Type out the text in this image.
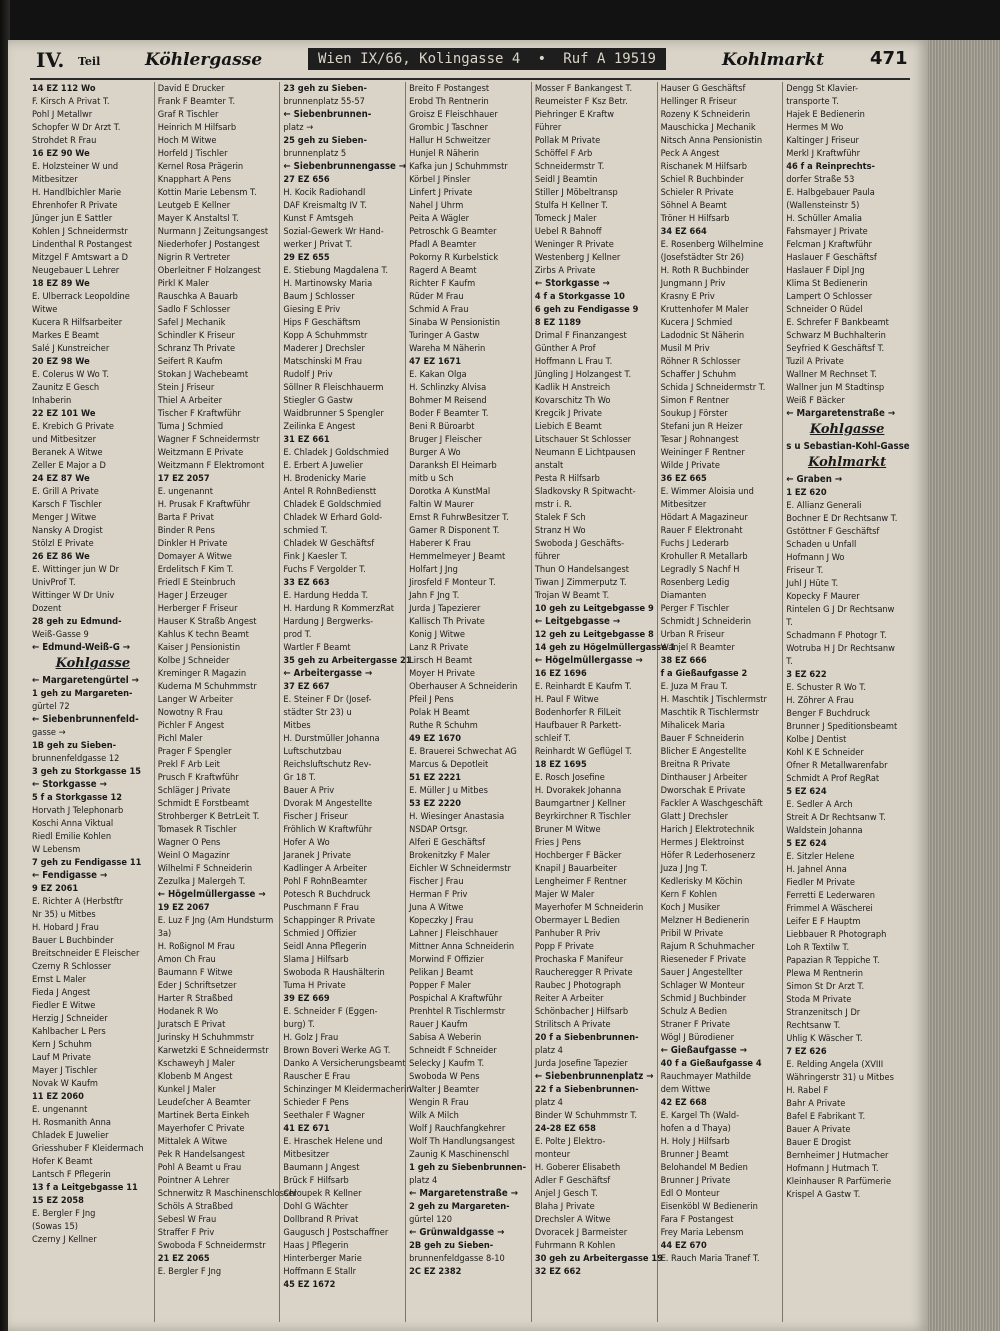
IV. Teil	Köhlergasse	Wien IX/66, Kolingasse 4 • Ruf A 19519	Kohlmarkt	471
14 EZ 112 Wo
F. Kirsch A Privat T.
Pohl J Metallwr
Schopfer W Dr Arzt T.
Strohdet R Frau
16 EZ 90 We
E. Holzsteiner W und
Mitbesitzer
H. Handlbichler Marie
Ehrenhofer R Private
Jünger jun E Sattler
Kohlen J Schneidermstr
Lindenthal R Postangest
Mitzgel F Amtswart a D
Neugebauer L Lehrer
18 EZ 89 We
E. Ulberrack Leopoldine
Witwe
Kucera R Hilfsarbeiter
Markes E Beamt
Salé J Kunstreicher
20 EZ 98 We
E. Colerus W Wo T.
Zaunitz E Gesch
Inhaberin
22 EZ 101 We
E. Krebich G Private
und Mitbesitzer
Beranek A Witwe
Zeller E Major a D
24 EZ 87 We
E. Grill A Private
Karsch F Tischler
Menger J Witwe
Nansky A Drogist
Stölzl E Private
26 EZ 86 We
E. Wittinger jun W Dr
UnivProf T.
Wittinger W Dr Univ
Dozent
28 geh zu Edmund-
Weiß-Gasse 9
← Edmund-Weiß-G →
Kohlgasse
← Margaretengürtel →
1 geh zu Margareten-
gürtel 72
← Siebenbrunnenfeld-
gasse →
1B geh zu Sieben-
brunnenfeldgasse 12
3 geh zu Storkgasse 15
← Storkgasse →
5 f a Storkgasse 12
Horvath J Telephonarb
Koschi Anna Viktual
Riedl Emilie Kohlen
W Lebensm
7 geh zu Fendigasse 11
← Fendigasse →
9 EZ 2061
E. Richter A (Herbstftr
Nr 35) u Mitbes
H. Hobard J Frau
Bauer L Buchbinder
Breitschneider E Fleischer
Czerny R Schlosser
Ernst L Maler
Fieda J Angest
Fiedler E Witwe
Herzig J Schneider
Kahlbacher L Pers
Kern J Schuhm
Lauf M Private
Mayer J Tischler
Novak W Kaufm
11 EZ 2060
E. ungenannt
H. Rosmanith Anna
Chladek E Juwelier
Griesshuber F Kleidermach
Hofer K Beamt
Lantsch F Pflegerin
13 f a Leitgebgasse 11
15 EZ 2058
E. Bergler F Jng
(Sowas 15)
Czerny J Kellner
David E Drucker
Frank F Beamter T.
Graf R Tischler
Heinrich M Hilfsarb
Hoch M Witwe
Horfeld J Tischler
Kernel Rosa Prägerin
Knapphart A Pens
Kottin Marie Lebensm T.
Leutgeb E Kellner
Mayer K Anstaltsl T.
Nurmann J Zeitungsangest
Niederhofer J Postangest
Nigrin R Vertreter
Oberleitner F Holzangest
Pirkl K Maler
Rauschka A Bauarb
Sadlo F Schlosser
Safel J Mechanik
Schindler K Friseur
Schranz Th Private
Seifert R Kaufm
Stokan J Wachebeamt
Stein J Friseur
Thiel A Arbeiter
Tischer F Kraftwführ
Tuma J Schmied
Wagner F Schneidermstr
Weitzmann E Private
Weitzmann F Elektromont
17 EZ 2057
E. ungenannt
H. Prusak F Kraftwführ
Barta F Privat
Binder R Pens
Dinkler H Private
Domayer A Witwe
Erdelitsch F Kim T.
Friedl E Steinbruch
Hager J Erzeuger
Herberger F Friseur
Hauser K Straßb Angest
Kahlus K techn Beamt
Kaiser J Pensionistin
Kolbe J Schneider
Kreminger R Magazin
Kuderna M Schuhmmstr
Langer W Arbeiter
Nowotny R Frau
Pichler F Angest
Pichl Maler
Prager F Spengler
Prekl F Arb Leit
Prusch F Kraftwführ
Schläger J Private
Schmidt E Forstbeamt
Strohberger K BetrLeit T.
Tomasek R Tischler
Wagner O Pens
Weinl O Magazinr
Wilhelmi F Schneiderin
Zezulka J Malergeh T.
← Högelmüllergasse →
19 EZ 2067
E. Luz F Jng (Am Hundsturm
3a)
H. Roßignol M Frau
Amon Ch Frau
Baumann F Witwe
Eder J Schriftsetzer
Harter R Straßbed
Hodanek R Wo
Juratsch E Privat
Jurinsky H Schuhmmstr
Karwetzki E Schneidermstr
Kschaweyh J Maler
Klobenb M Angest
Kunkel J Maler
Leudeſcher A Beamter
Martinek Berta Einkeh
Mayerhofer C Private
Mittalek A Witwe
Pek R Handelsangest
Pohl A Beamt u Frau
Pointner A Lehrer
Schnerwitz R Maschinenschlosser
Schöls A Straßbed
Sebesl W Frau
Straffer F Priv
Swoboda F Schneidermstr
21 EZ 2065
E. Bergler F Jng
23 geh zu Sieben-
brunnenplatz 55-57
← Siebenbrunnen-
platz →
25 geh zu Sieben-
brunnenplatz 5
← Siebenbrunnengasse →
27 EZ 656
H. Kocik Radiohandl
DAF Kreismaltg IV T.
Kunst F Amtsgeh
Sozial-Gewerk Wr Hand-
werker J Privat T.
29 EZ 655
E. Stiebung Magdalena T.
H. Martinowsky Maria
Baum J Schlosser
Giesing E Priv
Hips F Geschäftsm
Kopp A Schuhmmstr
Maderer J Drechsler
Matschinski M Frau
Rudolf J Priv
Söllner R Fleischhauerm
Stiegler G Gastw
Waidbrunner S Spengler
Zeilinka E Angest
31 EZ 661
E. Chladek J Goldschmied
E. Erbert A Juwelier
H. Brodenicky Marie
Antel R RohnBedienstt
Chladek E Goldschmied
Chladek W Erhard Gold-
schmied T.
Chladek W Geschäftsf
Fink J Kaesler T.
Fuchs F Vergolder T.
33 EZ 663
E. Hardung Hedda T.
H. Hardung R KommerzRat
Hardung J Bergwerks-
prod T.
Wartler F Beamt
35 geh zu Arbeitergasse 21
← Arbeitergasse →
37 EZ 667
E. Steiner F Dr (Josef-
städter Str 23) u
Mitbes
H. Durstmüller Johanna
Luftschutzbau
Reichsluftschutz Rev-
Gr 18 T.
Bauer A Priv
Dvorak M Angestellte
Fischer J Friseur
Fröhlich W Kraftwführ
Hofer A Wo
Jaranek J Private
Kadlinger A Arbeiter
Pohl F RohnBeamter
Potesch R Buchdruck
Puschmann F Frau
Schappinger R Private
Schmied J Offizier
Seidl Anna Pflegerin
Slama J Hilfsarb
Swoboda R Haushälterin
Tuma H Private
39 EZ 669
E. Schneider F (Eggen-
burg) T.
H. Golz J Frau
Brown Boveri Werke AG T.
Danko A Versicherungsbeamt
Rauscher E Frau
Schinzinger M Kleidermacherin
Schieder F Pens
Seethaler F Wagner
41 EZ 671
E. Hraschek Helene und
Mitbesitzer
Baumann J Angest
Brück F Hilfsarb
Chloupek R Kellner
Dohl G Wächter
Dollbrand R Privat
Gaugusch J Postschaffner
Haas J Pflegerin
Hinterberger Marie
Hoffmann E Stallr
45 EZ 1672
Breito F Postangest
Erobd Th Rentnerin
Groisz E Fleischhauer
Grombic J Taschner
Hallur H Schweitzer
Hunjel R Näherin
Kafka jun J Schuhmmstr
Körbel J Pinsler
Linfert J Private
Nahel J Uhrm
Peita A Wägler
Petroschk G Beamter
Pfadl A Beamter
Pokorny R Kurbelstick
Ragerd A Beamt
Richter F Kaufm
Rüder M Frau
Schmid A Frau
Sinaba W Pensionistin
Turinger A Gastw
Wareha M Näherin
47 EZ 1671
E. Kakan Olga
H. Schlinzky Alvisa
Bohmer M Reisend
Boder F Beamter T.
Beni R Büroarbt
Bruger J Fleischer
Burger A Wo
Daranksh El Heimarb
mitb u Sch
Dorotka A KunstMal
Faltin W Maurer
Ernst R FuhrwBesitzer T.
Gamer R Disponent T.
Haberer K Frau
Hemmelmeyer J Beamt
Holfart J Jng
Jirosfeld F Monteur T.
Jahn F Jng T.
Jurda J Tapezierer
Kallisch Th Private
Konig J Witwe
Lanz R Private
Lirsch H Beamt
Moyer H Private
Oberhauser A Schneiderin
Pfeil J Pens
Polak H Beamt
Ruthe R Schuhm
49 EZ 1670
E. Brauerei Schwechat AG
Marcus & Depotleit
51 EZ 2221
E. Müller J u Mitbes
53 EZ 2220
H. Wiesinger Anastasia
NSDAP Ortsgr.
Alferi E Geschäftsf
Brokenitzky F Maler
Eichler W Schneidermstr
Fischer J Frau
Herman F Priv
Juna A Witwe
Kopeczky J Frau
Lahner J Fleischhauer
Mittner Anna Schneiderin
Morwind F Offizier
Pelikan J Beamt
Popper F Maler
Pospichal A Kraftwführ
Prenhtel R Tischlermstr
Rauer J Kaufm
Sabisa A Weberin
Schneidt F Schneider
Selecky J Kaufm T.
Swoboda W Pens
Walter J Beamter
Wengin R Frau
Wilk A Milch
Wolf J Rauchfangkehrer
Wolf Th Handlungsangest
Zaunig K Maschinenschl
1 geh zu Siebenbrunnen-
platz 4
← Margaretenstraße →
2 geh zu Margareten-
gürtel 120
← Grünwaldgasse →
2B geh zu Sieben-
brunnenfeldgasse 8-10
2C EZ 2382
Mosser F Bankangest T.
Reumeister F Ksz Betr.
Piehringer E Kraftw
Führer
Pollak M Private
Schöffel F Arb
Schneidermstr T.
Seidl J Beamtin
Stiller J Möbeltransp
Stulfa H Kellner T.
Tomeck J Maler
Uebel R Bahnoff
Weninger R Private
Westenberg J Kellner
Zirbs A Private
← Storkgasse →
4 f a Storkgasse 10
6 geh zu Fendigasse 9
8 EZ 1189
Drimal F Finanzangest
Günther A Prof
Hoffmann L Frau T.
Jüngling J Holzangest T.
Kadlik H Anstreich
Kovarschitz Th Wo
Kregcik J Private
Liebich E Beamt
Litschauer St Schlosser
Neumann E Lichtpausen
anstalt
Pesta R Hilfsarb
Sladkovsky R Spitwacht-
mstr i. R.
Stalek F Sch
Stranz H Wo
Swoboda J Geschäfts-
führer
Thun O Handelsangest
Tiwan J Zimmerputz T.
Trojan W Beamt T.
10 geh zu Leitgebgasse 9
← Leitgebgasse →
12 geh zu Leitgebgasse 8
14 geh zu Högelmüllergasse 1
← Högelmüllergasse →
16 EZ 1696
E. Reinhardt E Kaufm T.
H. Paul F Witwe
Bodenhorfer R FilLeit
Haufbauer R Parkett-
schleif T.
Reinhardt W Geflügel T.
18 EZ 1695
E. Rosch Josefine
H. Dvorakek Johanna
Baumgartner J Kellner
Beyrkirchner R Tischler
Bruner M Witwe
Fries J Pens
Hochberger F Bäcker
Knapil J Bauarbeiter
Lengheimer F Rentner
Majer W Maler
Mayerhofer M Schneiderin
Obermayer L Bedien
Panhuber R Priv
Popp F Private
Prochaska F Manifeur
Raucheregger R Private
Raubec J Photograph
Reiter A Arbeiter
Schönbacher J Hilfsarb
Strilitsch A Private
20 f a Siebenbrunnen-
platz 4
Jurda Josefine Tapezier
← Siebenbrunnenplatz →
22 f a Siebenbrunnen-
platz 4
Binder W Schuhmmstr T.
24-28 EZ 658
E. Polte J Elektro-
monteur
H. Goberer Elisabeth
Adler F Geschäftsf
Anjel J Gesch T.
Blaha J Private
Drechsler A Witwe
Dvoracek J Barmeister
Fuhrmann R Kohlen
30 geh zu Arbeitergasse 19
32 EZ 662
Hauser G Geschäftsf
Hellinger R Friseur
Rozeny K Schneiderin
Mauschicka J Mechanik
Nitsch Anna Pensionistin
Peck A Angest
Rischanek M Hilfsarb
Schiel R Buchbinder
Schieler R Private
Söhnel A Beamt
Tröner H Hilfsarb
34 EZ 664
E. Rosenberg Wilhelmine
(Josefstädter Str 26)
H. Roth R Buchbinder
Jungmann J Priv
Krasny E Priv
Kruttenhofer M Maler
Kucera J Schmied
Ladodnic St Näherin
Musil M Priv
Röhner R Schlosser
Schaffer J Schuhm
Schida J Schneidermstr T.
Simon F Rentner
Soukup J Förster
Stefani jun R Heizer
Tesar J Rohnangest
Weininger F Rentner
Wilde J Private
36 EZ 665
E. Wimmer Aloisia und
Mitbesitzer
Hödart A Magazineur
Rauer F Elektronaht
Fuchs J Lederarb
Krohuller R Metallarb
Legradly S Nachf H
Rosenberg Ledig
Diamanten
Perger F Tischler
Schmidt J Schneiderin
Urban R Friseur
Wanjel R Beamter
38 EZ 666
f a Gießaufgasse 2
E. Juza M Frau T.
H. Maschtik J Tischlermstr
Maschtik R Tischlermstr
Mihalicek Maria
Bauer F Schneiderin
Blicher E Angestellte
Breitna R Private
Dinthauser J Arbeiter
Dworschak E Private
Fackler A Waschgeschäft
Glatt J Drechsler
Harich J Elektrotechnik
Hermes J Elektroinst
Höfer R Lederhosenerz
Juza J Jng T.
Kedlerisky M Köchin
Kern F Kohlen
Koch J Musiker
Melzner H Bedienerin
Pribil W Private
Rajum R Schuhmacher
Rieseneder F Private
Sauer J Angestellter
Schlager W Monteur
Schmid J Buchbinder
Schulz A Bedien
Straner F Private
Wögl J Bürodiener
← Gießaufgasse →
40 f a Gießaufgasse 4
Rauchmayer Mathilde
dem Wittwe
42 EZ 668
E. Kargel Th (Wald-
hofen a d Thaya)
H. Holy J Hilfsarb
Brunner J Beamt
Belohandel M Bedien
Brunner J Private
Edl O Monteur
Eisenköbl W Bedienerin
Fara F Postangest
Frey Maria Lebensm
44 EZ 670
E. Rauch Maria Tranef T.
Dengg St Klavier-
transporte T.
Hajek E Bedienerin
Hermes M Wo
Kaltinger J Friseur
Merkl J Kraftwführ
46 f a Reinprechts-
dorfer Straße 53
E. Halbgebauer Paula
(Wallensteinstr 5)
H. Schüller Amalia
Fahsmayer J Private
Felcman J Kraftwführ
Haslauer F Geschäftsf
Haslauer F Dipl Jng
Klima St Bedienerin
Lampert O Schlosser
Schneider O Rüdel
E. Schrefer F Bankbeamt
Schwarz M Buchhalterin
Seyfried K Geschäftsf T.
Tuzil A Private
Wallner M Rechnset T.
Wallner jun M Stadtinsp
Weiß F Bäcker
← Margaretenstraße →
Kohlgasse
s u Sebastian-Kohl-Gasse
Kohlmarkt
← Graben →
1 EZ 620
E. Allianz Generali
Bochner E Dr Rechtsanw T.
Gstöttner F Geschäftsf
Schaden u Unfall
Hofmann J Wo
Friseur T.
Juhl J Hüte T.
Kopecky F Maurer
Rintelen G J Dr Rechtsanw
T.
Schadmann F Photogr T.
Wotruba H J Dr Rechtsanw
T.
3 EZ 622
E. Schuster R Wo T.
H. Zöhrer A Frau
Benger F Buchdruck
Brunner J Speditionsbeamt
Kolbe J Dentist
Kohl K E Schneider
Ofner R Metallwarenfabr
Schmidt A Prof RegRat
5 EZ 624
E. Sedler A Arch
Streit A Dr Rechtsanw T.
Waldstein Johanna
5 EZ 624
E. Sitzler Helene
H. Jahnel Anna
Fiedler M Private
Ferretti E Lederwaren
Frimmel A Wäscherei
Leifer E F Hauptm
Liebbauer R Photograph
Loh R Textilw T.
Papazian R Teppiche T.
Plewa M Rentnerin
Simon St Dr Arzt T.
Stoda M Private
Stranzenitsch J Dr
Rechtsanw T.
Uhlig K Wäscher T.
7 EZ 626
E. Relding Angela (XVIII
Währingerstr 31) u Mitbes
H. Rabel F
Bahr A Private
Bafel E Fabrikant T.
Bauer A Private
Bauer E Drogist
Bernheimer J Hutmacher
Hofmann J Hutmach T.
Kleinhauser R Parfümerie
Krispel A Gastw T.
